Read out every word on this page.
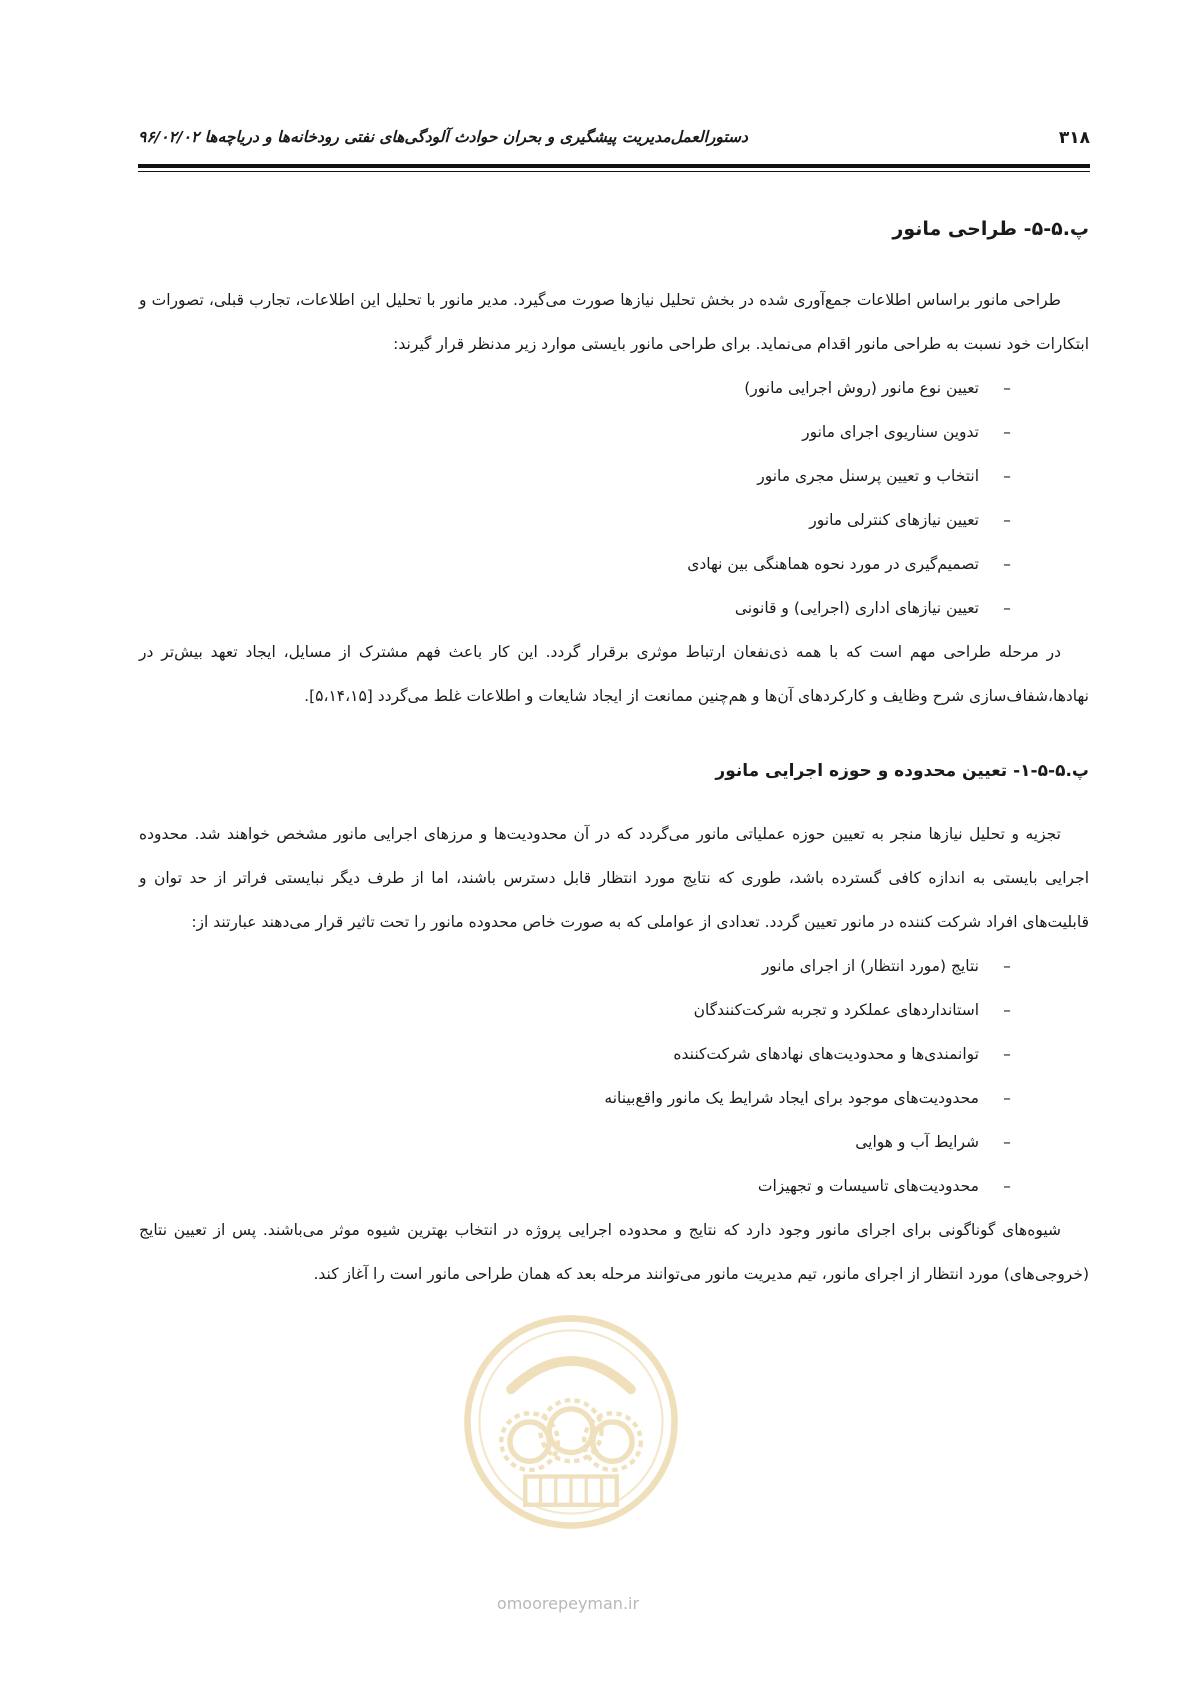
۳۱۸
دستورالعمل‌مدیریت پیشگیری و بحران حوادث آلودگی‌های نفتی رودخانه‌ها و دریاچه‌ها ۹۶/۰۲/۰۲
پ.۵-۵- طراحی مانور

طراحی مانور براساس اطلاعات جمع‌آوری شده در بخش تحلیل نیازها صورت می‌گیرد. مدیر مانور با تحلیل این اطلاعات، تجارب قبلی، تصورات و ابتکارات خود نسبت به طراحی مانور اقدام می‌نماید. برای طراحی مانور بایستی موارد زیر مدنظر قرار گیرند:

–تعیین نوع مانور (روش اجرایی مانور)
–تدوین سناریوی اجرای مانور
–انتخاب و تعیین پرسنل مجری مانور
–تعیین نیازهای کنترلی مانور
–تصمیم‌گیری در مورد نحوه هماهنگی بین نهادی
–تعیین نیازهای اداری (اجرایی) و قانونی

در مرحله طراحی مهم است که با همه ذی‌نفعان ارتباط موثری برقرار گردد. این کار باعث فهم مشترک از مسایل، ایجاد تعهد بیش‌تر در نهادها،شفاف‌سازی شرح وظایف و کارکردهای آن‌ها و هم‌چنین ممانعت از ایجاد شایعات و اطلاعات غلط می‌گردد [۵،۱۴،۱۵].

پ.۵-۵-۱- تعیین محدوده و حوزه اجرایی مانور

تجزیه و تحلیل نیازها منجر به تعیین حوزه عملیاتی مانور می‌گردد که در آن محدودیت‌ها و مرزهای اجرایی مانور مشخص خواهند شد. محدوده اجرایی بایستی به اندازه کافی گسترده باشد، طوری که نتایج مورد انتظار قابل دسترس باشند، اما از طرف دیگر نبایستی فراتر از حد توان و قابلیت‌های افراد شرکت کننده در مانور تعیین گردد. تعدادی از عواملی که به صورت خاص محدوده مانور را تحت تاثیر قرار می‌دهند عبارتند از:

–نتایج (مورد انتظار) از اجرای مانور
–استانداردهای عملکرد و تجربه شرکت‌کنندگان
–توانمندی‌ها و محدودیت‌های نهادهای شرکت‌کننده
–محدودیت‌های موجود برای ایجاد شرایط یک مانور واقع‌بینانه
–شرایط آب و هوایی
–محدودیت‌های تاسیسات و تجهیزات

شیوه‌های گوناگونی برای اجرای مانور وجود دارد که نتایج و محدوده اجرایی پروژه در انتخاب بهترین شیوه موثر می‌باشند. پس از تعیین نتایج (خروجی‌های) مورد انتظار از اجرای مانور، تیم مدیریت مانور می‌توانند مرحله بعد که همان طراحی مانور است را آغاز کند.

omoorepeyman.ir
